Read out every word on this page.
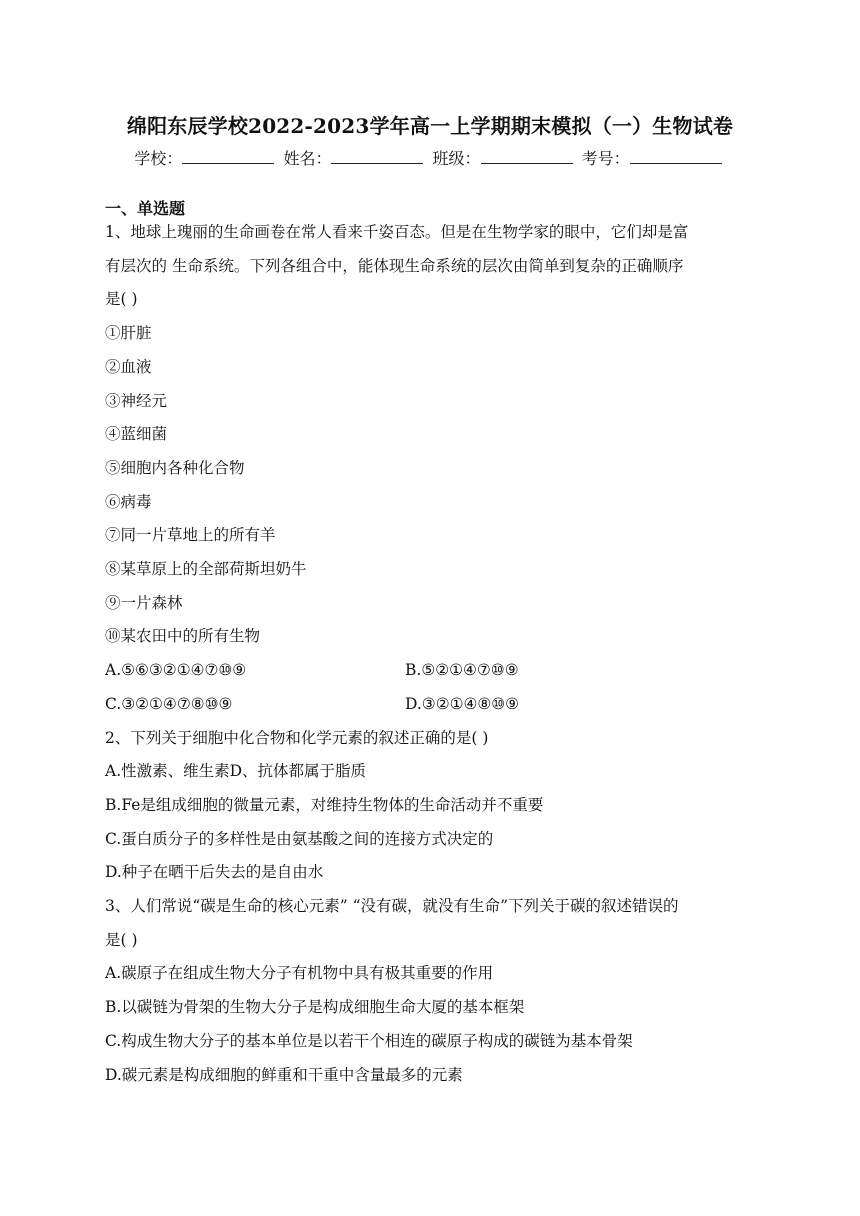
绵阳东辰学校2022-2023学年高一上学期期末模拟（一）生物试卷
学校：	姓名：	班级：	考号：
一、单选题
1、地球上瑰丽的生命画卷在常人看来千姿百态。但是在生物学家的眼中，它们却是富
有层次的 生命系统。下列各组合中，能体现生命系统的层次由简单到复杂的正确顺序
是( )
①肝脏
②血液
③神经元
④蓝细菌
⑤细胞内各种化合物
⑥病毒
⑦同一片草地上的所有羊
⑧某草原上的全部荷斯坦奶牛
⑨一片森林
⑩某农田中的所有生物
A.⑤⑥③②①④⑦⑩⑨	B.⑤②①④⑦⑩⑨
C.③②①④⑦⑧⑩⑨	D.③②①④⑧⑩⑨
2、下列关于细胞中化合物和化学元素的叙述正确的是( )
A.性激素、维生素D、抗体都属于脂质
B.Fe是组成细胞的微量元素，对维持生物体的生命活动并不重要
C.蛋白质分子的多样性是由氨基酸之间的连接方式决定的
D.种子在晒干后失去的是自由水
3、人们常说“碳是生命的核心元素” “没有碳，就没有生命”下列关于碳的叙述错误的
是( )
A.碳原子在组成生物大分子有机物中具有极其重要的作用
B.以碳链为骨架的生物大分子是构成细胞生命大厦的基本框架
C.构成生物大分子的基本单位是以若干个相连的碳原子构成的碳链为基本骨架
D.碳元素是构成细胞的鲜重和干重中含量最多的元素
